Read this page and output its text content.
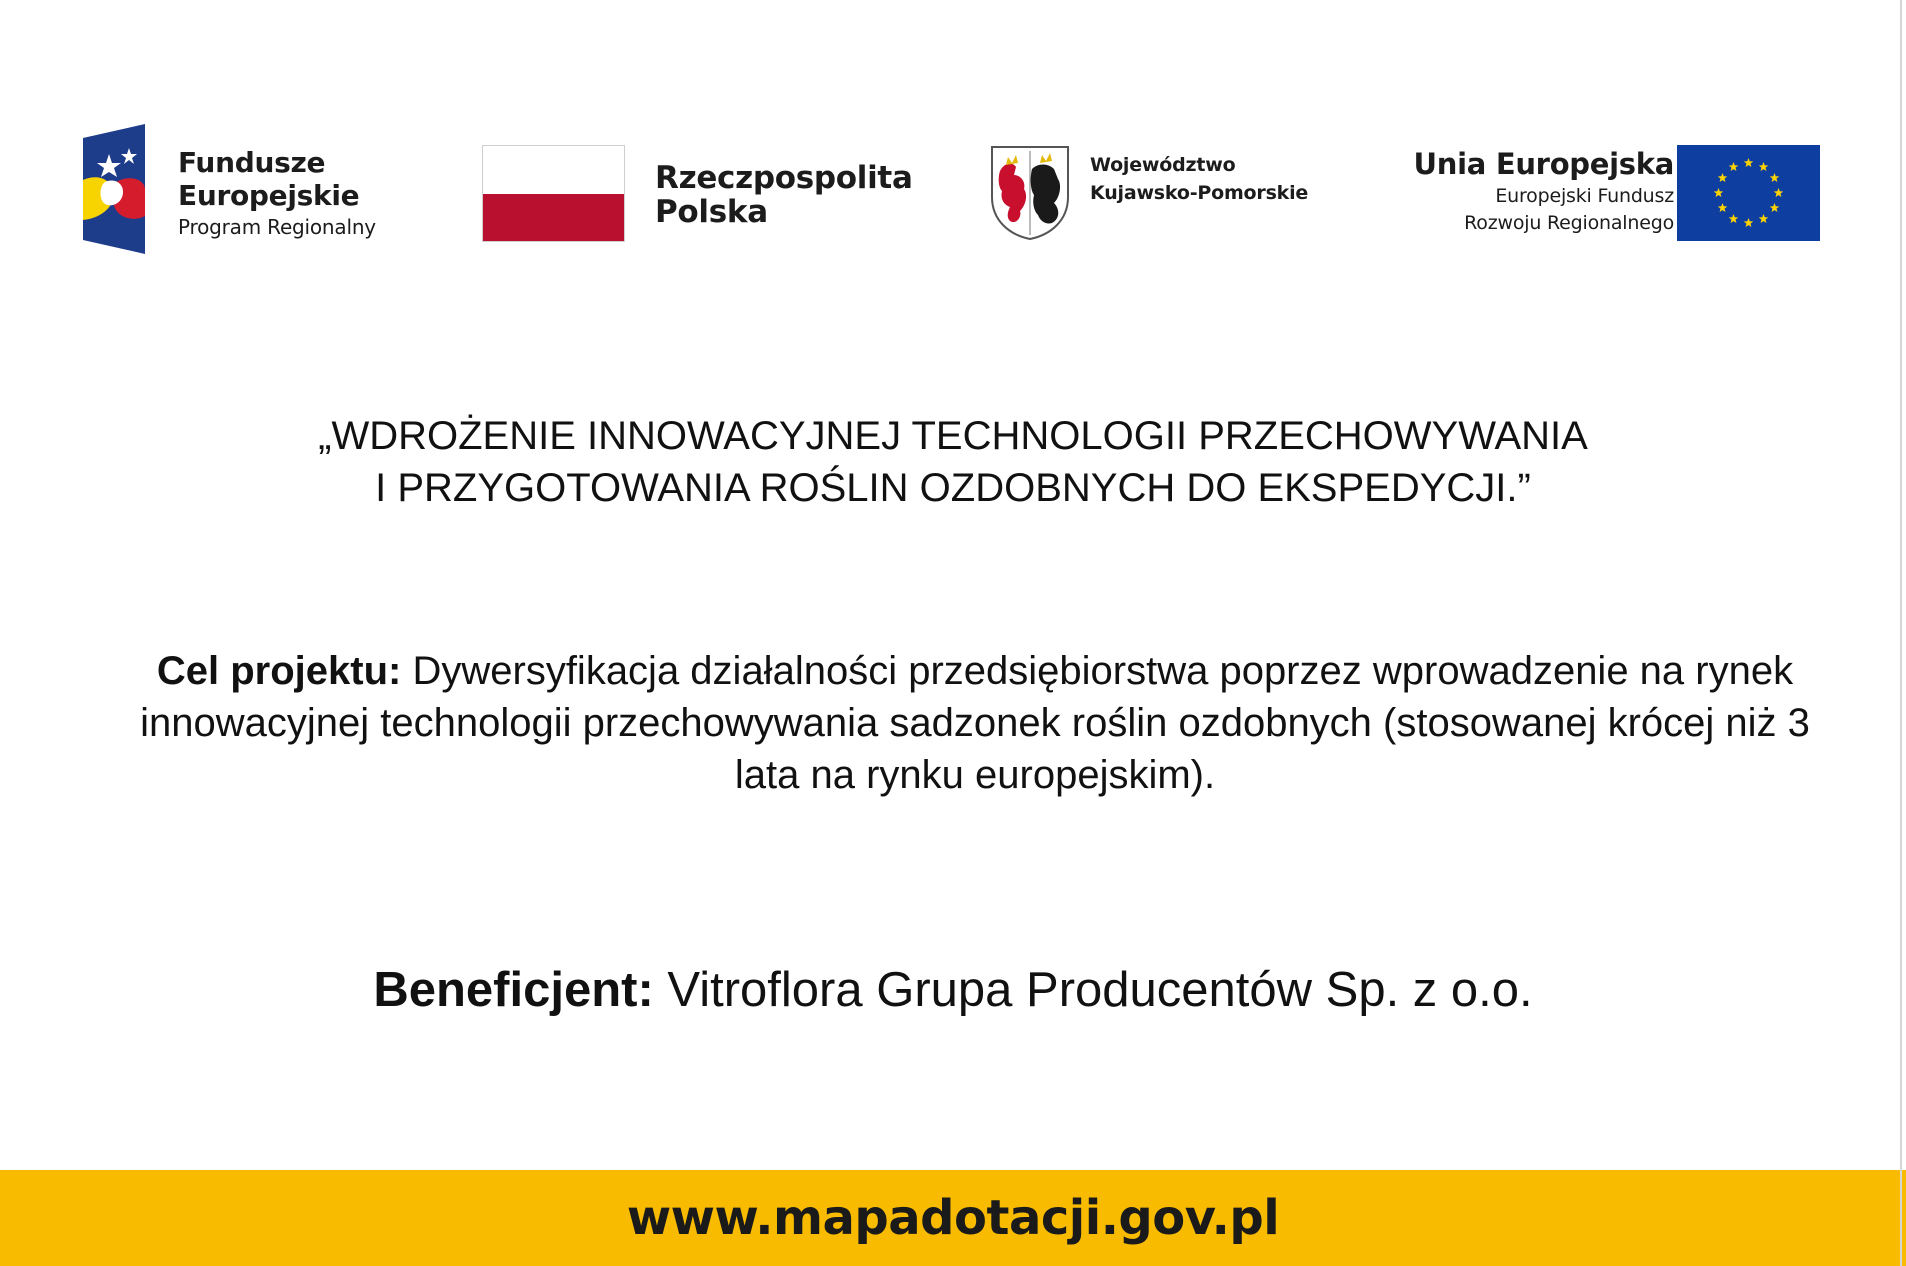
Fundusze
Europejskie
Program Regionalny
Rzeczpospolita
Polska
Województwo
Kujawsko-Pomorskie
Unia Europejska
Europejski Fundusz
Rozwoju Regionalnego
„WDROŻENIE INNOWACYJNEJ TECHNOLOGII PRZECHOWYWANIA
I PRZYGOTOWANIA ROŚLIN OZDOBNYCH DO EKSPEDYCJI.”
Cel projektu: Dywersyfikacja działalności przedsiębiorstwa poprzez wprowadzenie na rynek innowacyjnej technologii przechowywania sadzonek roślin ozdobnych (stosowanej krócej niż 3 lata na rynku europejskim).
Beneficjent: Vitroflora Grupa Producentów Sp. z o.o.
www.mapadotacji.gov.pl
